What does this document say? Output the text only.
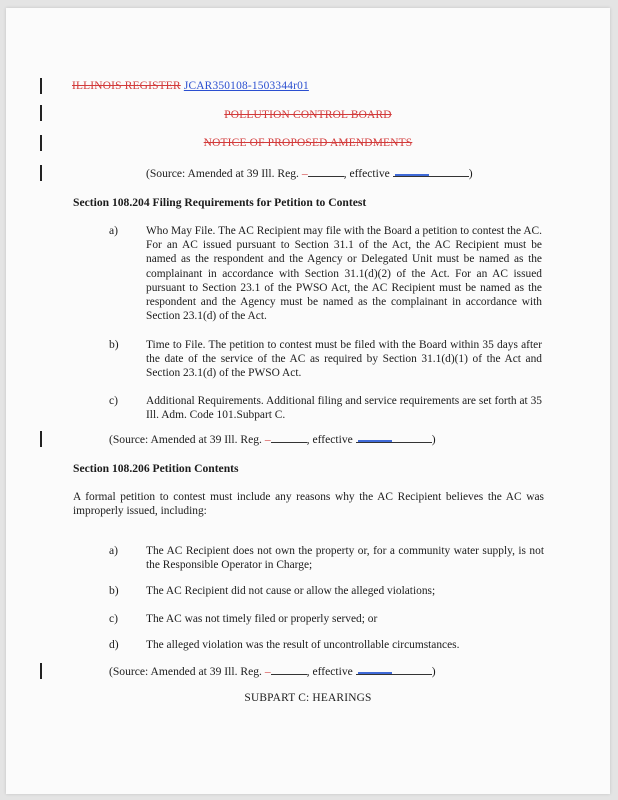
ILLINOIS REGISTER JCAR350108-1503344r01
POLLUTION CONTROL BOARD
NOTICE OF PROPOSED AMENDMENTS
(Source: Amended at 39 Ill. Reg. –	, effective	)
Section 108.204 Filing Requirements for Petition to Contest
a) Who May File. The AC Recipient may file with the Board a petition to contest the AC. For an AC issued pursuant to Section 31.1 of the Act, the AC Recipient must be named as the respondent and the Agency or Delegated Unit must be named as the complainant in accordance with Section 31.1(d)(2) of the Act. For an AC issued pursuant to Section 23.1 of the PWSO Act, the AC Recipient must be named as the respondent and the Agency must be named as the complainant in accordance with Section 23.1(d) of the Act.
b) Time to File. The petition to contest must be filed with the Board within 35 days after the date of the service of the AC as required by Section 31.1(d)(1) of the Act and Section 23.1(d) of the PWSO Act.
c) Additional Requirements. Additional filing and service requirements are set forth at 35 Ill. Adm. Code 101.Subpart C.
(Source: Amended at 39 Ill. Reg. –	, effective	)
Section 108.206 Petition Contents
A formal petition to contest must include any reasons why the AC Recipient believes the AC was improperly issued, including:
a) The AC Recipient does not own the property or, for a community water supply, is not the Responsible Operator in Charge;
b) The AC Recipient did not cause or allow the alleged violations;
c) The AC was not timely filed or properly served; or
d) The alleged violation was the result of uncontrollable circumstances.
(Source: Amended at 39 Ill. Reg. –	, effective	)
SUBPART C: HEARINGS
